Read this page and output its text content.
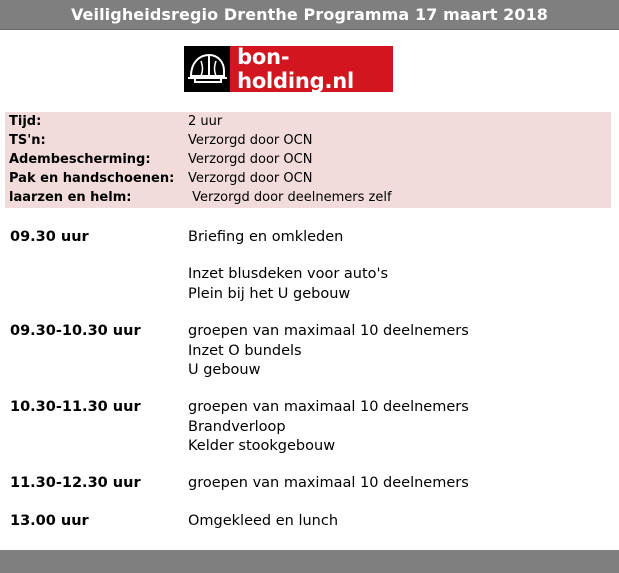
Veiligheidsregio Drenthe Programma 17 maart 2018
bon-holding.nl
Tijd:	2 uur
TS'n:	Verzorgd door OCN
Adembescherming:	Verzorgd door OCN
Pak en handschoenen: Verzorgd door OCN
laarzen en helm:	Verzorgd door deelnemers zelf
09.30 uur	Briefing en omkleden
Inzet blusdeken voor auto's
Plein bij het U gebouw
09.30-10.30 uur	groepen van maximaal 10 deelnemers
Inzet O bundels
U gebouw
10.30-11.30 uur	groepen van maximaal 10 deelnemers
Brandverloop
Kelder stookgebouw
11.30-12.30 uur	groepen van maximaal 10 deelnemers
13.00 uur	Omgekleed en lunch
